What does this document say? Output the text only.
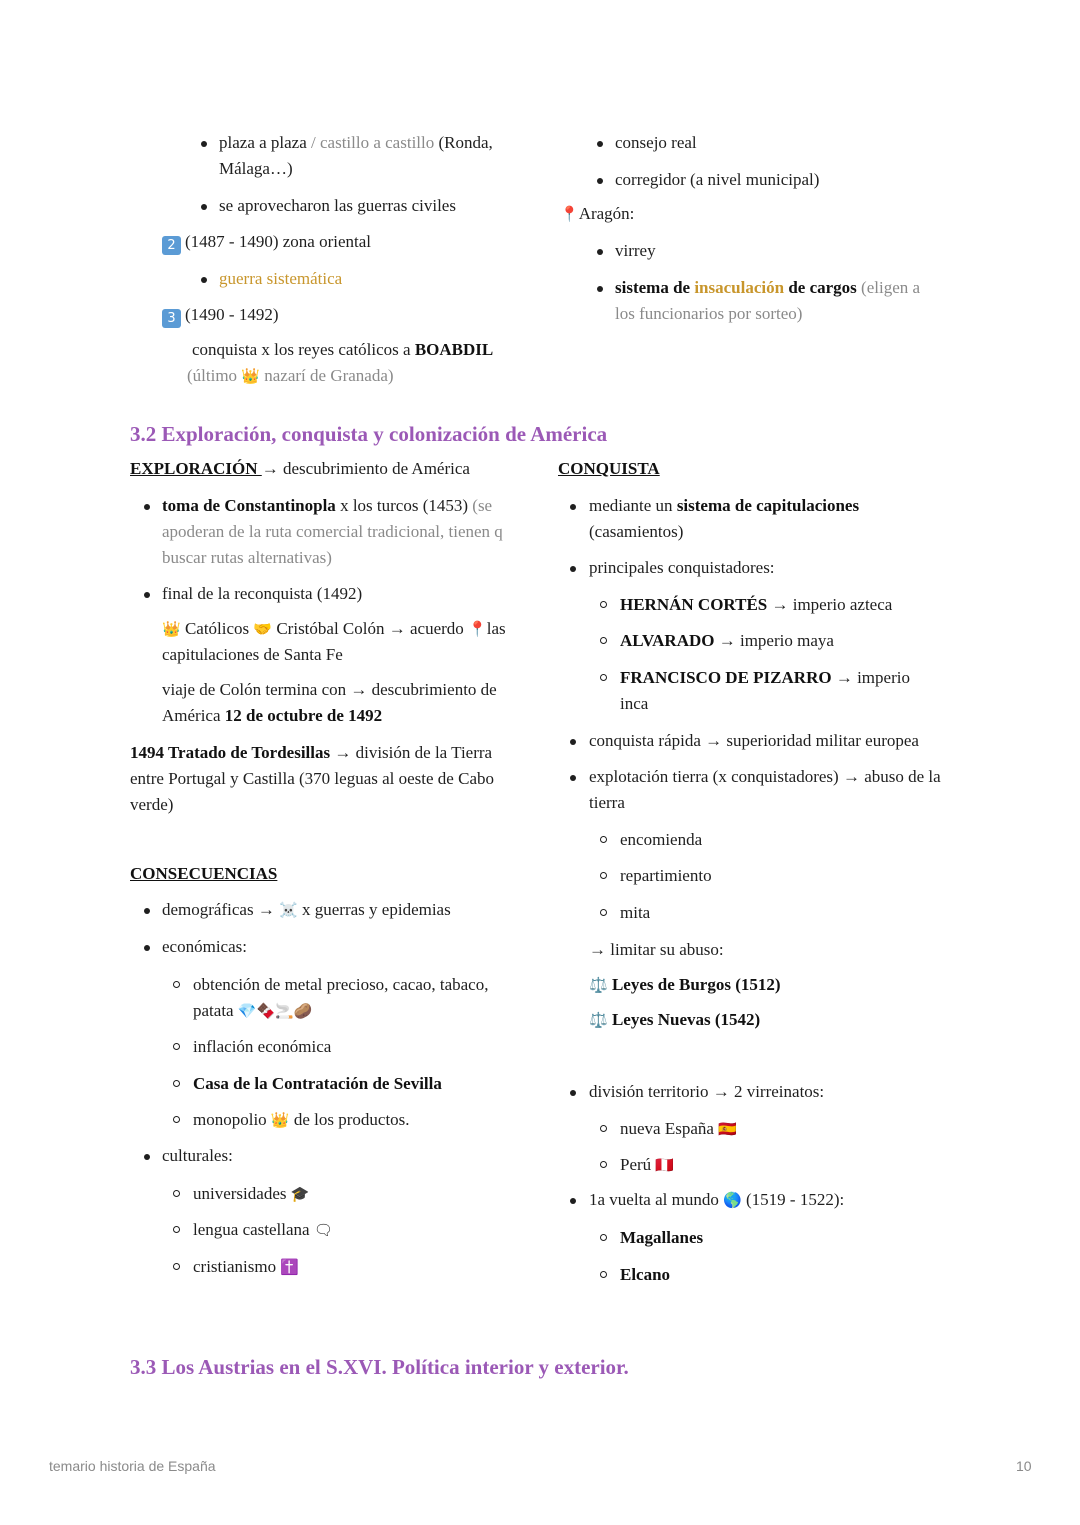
plaza a plaza / castillo a castillo (Ronda,
Málaga…)
se aprovecharon las guerras civiles
2 (1487 - 1490) zona oriental
guerra sistemática
3 (1490 - 1492)
conquista x los reyes católicos a BOABDIL
(último 👑 nazarí de Granada)
consejo real
corregidor (a nivel municipal)
📍Aragón:
virrey
sistema de insaculación de cargos (eligen a
los funcionarios por sorteo)
3.2 Exploración, conquista y colonización de América
EXPLORACIÓN → descubrimiento de América
toma de Constantinopla x los turcos (1453) (se
apoderan de la ruta comercial tradicional, tienen q
buscar rutas alternativas)
final de la reconquista (1492)
👑 Católicos 🤝 Cristóbal Colón → acuerdo 📍las
capitulaciones de Santa Fe
viaje de Colón termina con → descubrimiento de
América 12 de octubre de 1492
1494 Tratado de Tordesillas → división de la Tierra
entre Portugal y Castilla (370 leguas al oeste de Cabo
verde)
CONSECUENCIAS
demográficas → ☠️ x guerras y epidemias
económicas:
obtención de metal precioso, cacao, tabaco,
patata 💎🍫🚬🥔
inflación económica
Casa de la Contratación de Sevilla
monopolio 👑 de los productos.
culturales:
universidades 🎓
lengua castellana 🗨
cristianismo ✝️
CONQUISTA
mediante un sistema de capitulaciones
(casamientos)
principales conquistadores:
HERNÁN CORTÉS → imperio azteca
ALVARADO → imperio maya
FRANCISCO DE PIZARRO → imperio
inca
conquista rápida → superioridad militar europea
explotación tierra (x conquistadores) → abuso de la
tierra
encomienda
repartimiento
mita
→ limitar su abuso:
⚖️ Leyes de Burgos (1512)
⚖️ Leyes Nuevas (1542)
división territorio → 2 virreinatos:
nueva España 🇪🇸
Perú 🇵🇪
1a vuelta al mundo 🌎 (1519 - 1522):
Magallanes
Elcano
3.3 Los Austrias en el S.XVI. Política interior y exterior.
temario historia de España	10
